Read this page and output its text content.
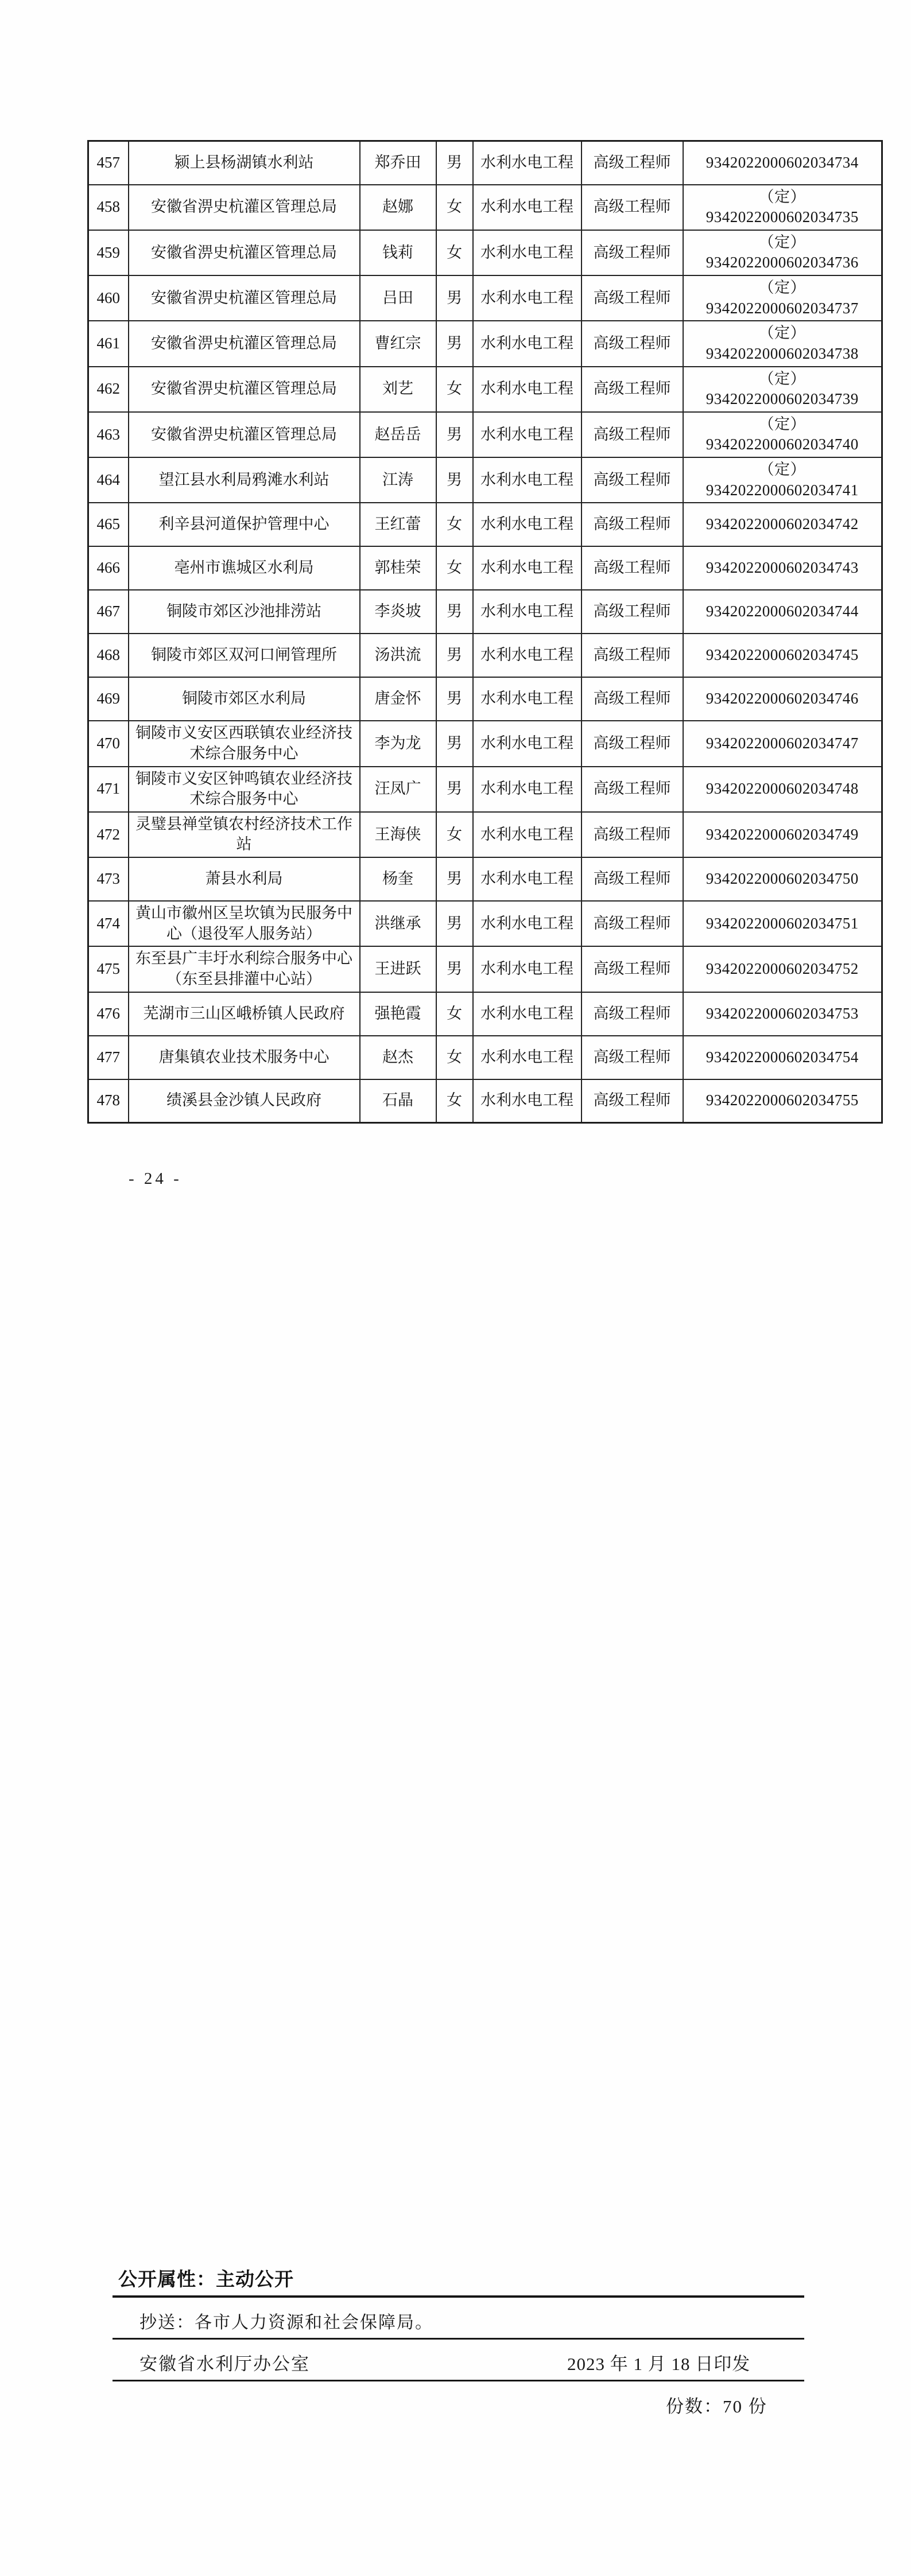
457	颍上县杨湖镇水利站	郑乔田	男	水利水电工程	高级工程师	9342022000602034734
458	安徽省淠史杭灌区管理总局	赵娜	女	水利水电工程	高级工程师	（定）9342022000602034735
459	安徽省淠史杭灌区管理总局	钱莉	女	水利水电工程	高级工程师	（定）9342022000602034736
460	安徽省淠史杭灌区管理总局	吕田	男	水利水电工程	高级工程师	（定）9342022000602034737
461	安徽省淠史杭灌区管理总局	曹红宗	男	水利水电工程	高级工程师	（定）9342022000602034738
462	安徽省淠史杭灌区管理总局	刘艺	女	水利水电工程	高级工程师	（定）9342022000602034739
463	安徽省淠史杭灌区管理总局	赵岳岳	男	水利水电工程	高级工程师	（定）9342022000602034740
464	望江县水利局鸦滩水利站	江涛	男	水利水电工程	高级工程师	（定）9342022000602034741
465	利辛县河道保护管理中心	王红蕾	女	水利水电工程	高级工程师	9342022000602034742
466	亳州市谯城区水利局	郭桂荣	女	水利水电工程	高级工程师	9342022000602034743
467	铜陵市郊区沙池排涝站	李炎坡	男	水利水电工程	高级工程师	9342022000602034744
468	铜陵市郊区双河口闸管理所	汤洪流	男	水利水电工程	高级工程师	9342022000602034745
469	铜陵市郊区水利局	唐金怀	男	水利水电工程	高级工程师	9342022000602034746
470	铜陵市义安区西联镇农业经济技术综合服务中心	李为龙	男	水利水电工程	高级工程师	9342022000602034747
471	铜陵市义安区钟鸣镇农业经济技术综合服务中心	汪凤广	男	水利水电工程	高级工程师	9342022000602034748
472	灵璧县禅堂镇农村经济技术工作站	王海侠	女	水利水电工程	高级工程师	9342022000602034749
473	萧县水利局	杨奎	男	水利水电工程	高级工程师	9342022000602034750
474	黄山市徽州区呈坎镇为民服务中心（退役军人服务站）	洪继承	男	水利水电工程	高级工程师	9342022000602034751
475	东至县广丰圩水利综合服务中心（东至县排灌中心站）	王进跃	男	水利水电工程	高级工程师	9342022000602034752
476	芜湖市三山区峨桥镇人民政府	强艳霞	女	水利水电工程	高级工程师	9342022000602034753
477	唐集镇农业技术服务中心	赵杰	女	水利水电工程	高级工程师	9342022000602034754
478	绩溪县金沙镇人民政府	石晶	女	水利水电工程	高级工程师	9342022000602034755
- 24 -
公开属性：主动公开
抄送：各市人力资源和社会保障局。
安徽省水利厅办公室	2023 年 1 月 18 日印发
份数：70 份
